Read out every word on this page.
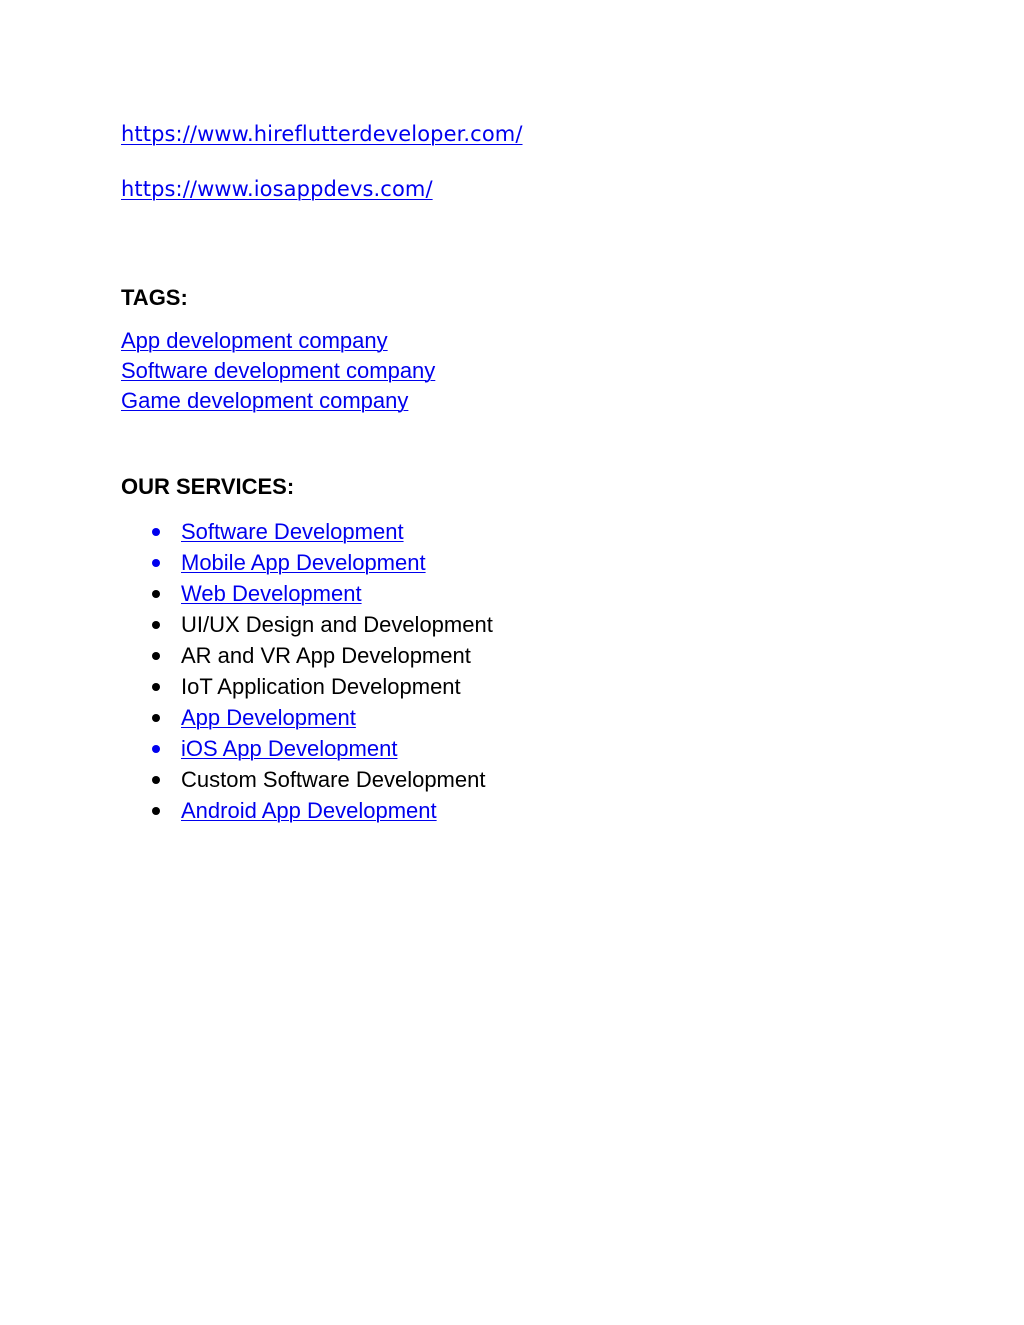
https://www.hireflutterdeveloper.com/
https://www.iosappdevs.com/
TAGS:
App development company
Software development company
Game development company
OUR SERVICES:
Software Development
Mobile App Development
Web Development
UI/UX Design and Development
AR and VR App Development
IoT Application Development
App Development
iOS App Development
Custom Software Development
Android App Development
